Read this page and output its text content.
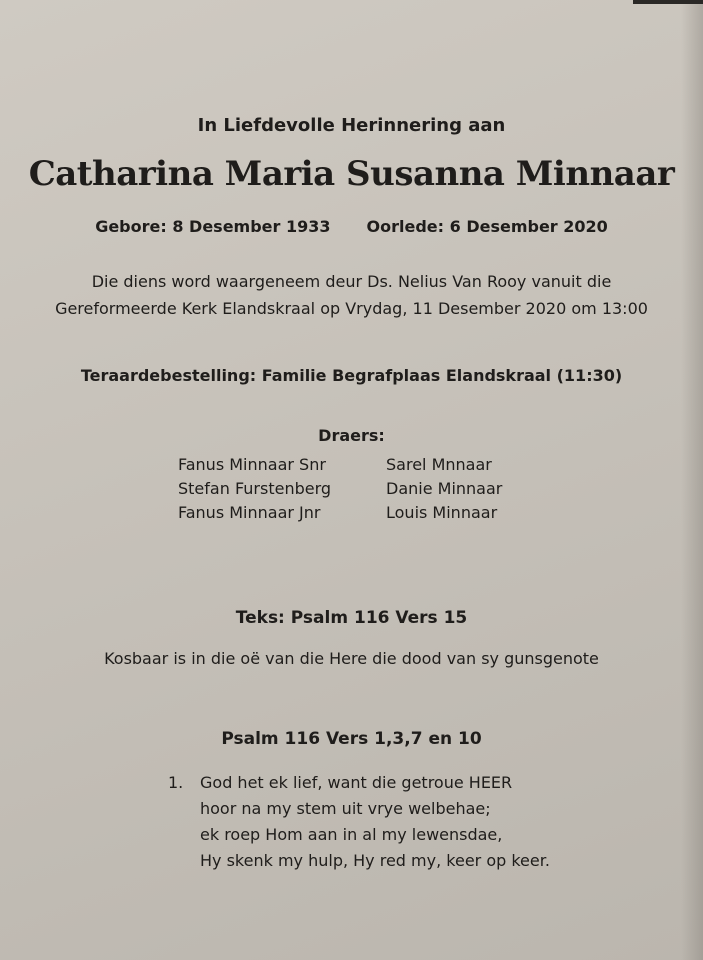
In Liefdevolle Herinnering aan
Catharina Maria Susanna Minnaar
Gebore: 8 Desember 1933 Oorlede: 6 Desember 2020
Die diens word waargeneem deur Ds. Nelius Van Rooy vanuit die
Gereformeerde Kerk Elandskraal op Vrydag, 11 Desember 2020 om 13:00
Teraardebestelling: Familie Begrafplaas Elandskraal (11:30)
Draers:
Fanus Minnaar Snr	Sarel Mnnaar
Stefan Furstenberg	Danie Minnaar
Fanus Minnaar Jnr	Louis Minnaar
Teks: Psalm 116 Vers 15
Kosbaar is in die oë van die Here die dood van sy gunsgenote
Psalm 116 Vers 1,3,7 en 10
1.	God het ek lief, want die getroue HEER
hoor na my stem uit vrye welbehae;
ek roep Hom aan in al my lewensdae,
Hy skenk my hulp, Hy red my, keer op keer.
